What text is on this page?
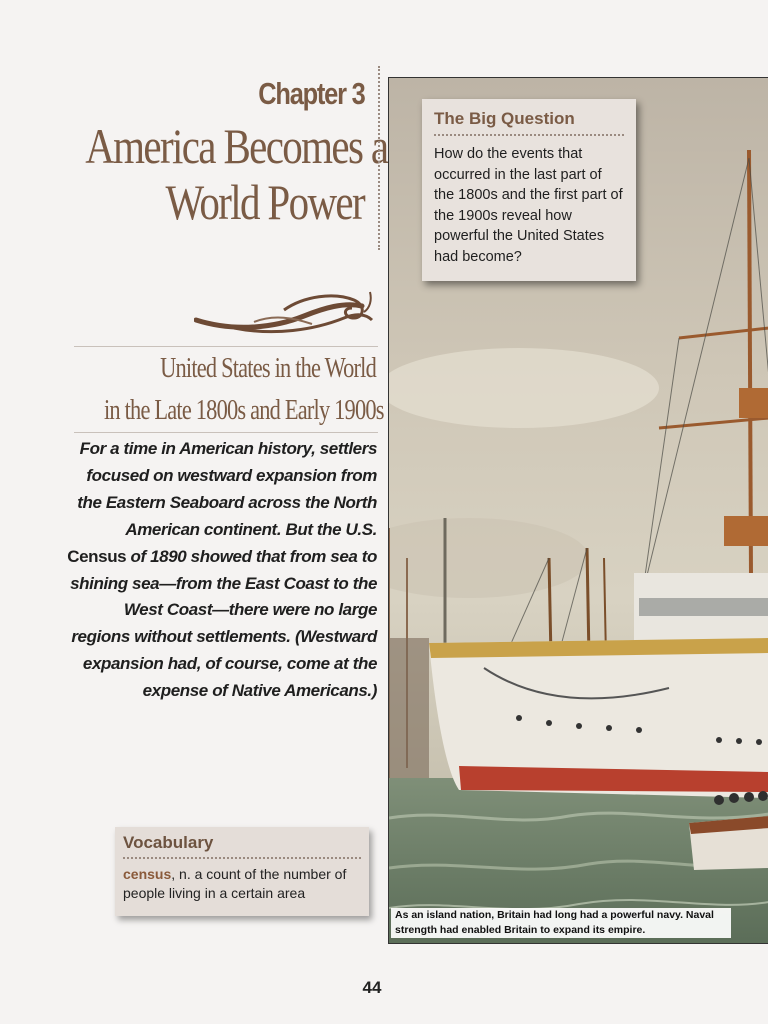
Chapter 3
America Becomes a
World Power
United States in the World
in the Late 1800s and Early 1900s
For a time in American history, settlers focused on westward expansion from the Eastern Seaboard across the North American continent. But the U.S. Census of 1890 showed that from sea to shining sea—from the East Coast to the West Coast—there were no large regions without settlements. (Westward expansion had, of course, come at the expense of Native Americans.)
Vocabulary
census, n. a count of the number of people living in a certain area
The Big Question
How do the events that occurred in the last part of the 1800s and the first part of the 1900s reveal how powerful the United States had become?
As an island nation, Britain had long had a powerful navy. Naval strength had enabled Britain to expand its empire.
44
